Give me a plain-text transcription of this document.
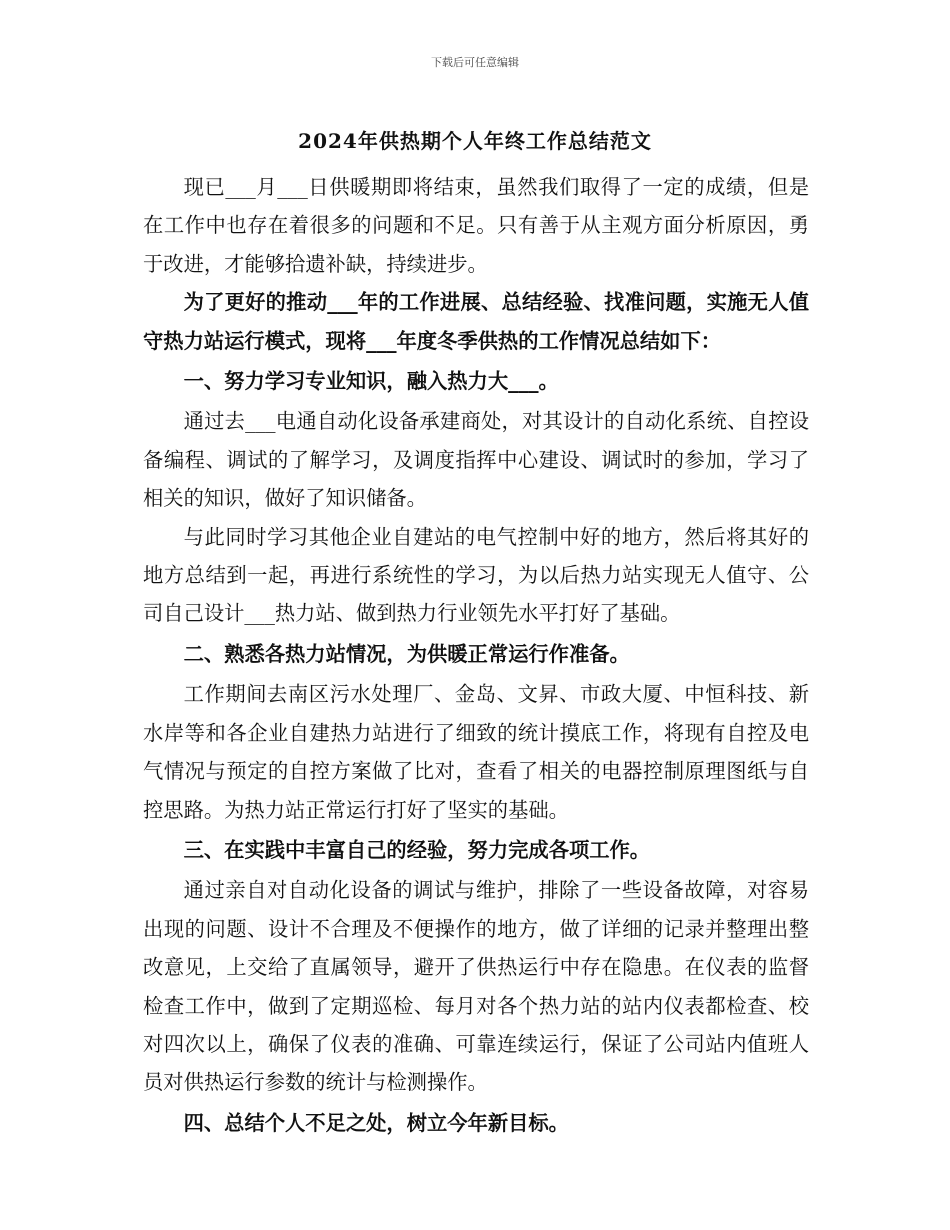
下载后可任意编辑
2024年供热期个人年终工作总结范文

现已___月___日供暖期即将结束，虽然我们取得了一定的成绩，但是在工作中也存在着很多的问题和不足。只有善于从主观方面分析原因，勇于改进，才能够拾遗补缺，持续进步。

为了更好的推动___年的工作进展、总结经验、找准问题，实施无人值守热力站运行模式，现将___年度冬季供热的工作情况总结如下：

一、努力学习专业知识，融入热力大___。

通过去___电通自动化设备承建商处，对其设计的自动化系统、自控设备编程、调试的了解学习，及调度指挥中心建设、调试时的参加，学习了相关的知识，做好了知识储备。

与此同时学习其他企业自建站的电气控制中好的地方，然后将其好的地方总结到一起，再进行系统性的学习，为以后热力站实现无人值守、公司自己设计___热力站、做到热力行业领先水平打好了基础。

二、熟悉各热力站情况，为供暖正常运行作准备。

工作期间去南区污水处理厂、金岛、文昇、市政大厦、中恒科技、新水岸等和各企业自建热力站进行了细致的统计摸底工作，将现有自控及电气情况与预定的自控方案做了比对，查看了相关的电器控制原理图纸与自控思路。为热力站正常运行打好了坚实的基础。

三、在实践中丰富自己的经验，努力完成各项工作。

通过亲自对自动化设备的调试与维护，排除了一些设备故障，对容易出现的问题、设计不合理及不便操作的地方，做了详细的记录并整理出整改意见，上交给了直属领导，避开了供热运行中存在隐患。在仪表的监督检查工作中，做到了定期巡检、每月对各个热力站的站内仪表都检查、校对四次以上，确保了仪表的准确、可靠连续运行，保证了公司站内值班人员对供热运行参数的统计与检测操作。

四、总结个人不足之处，树立今年新目标。
